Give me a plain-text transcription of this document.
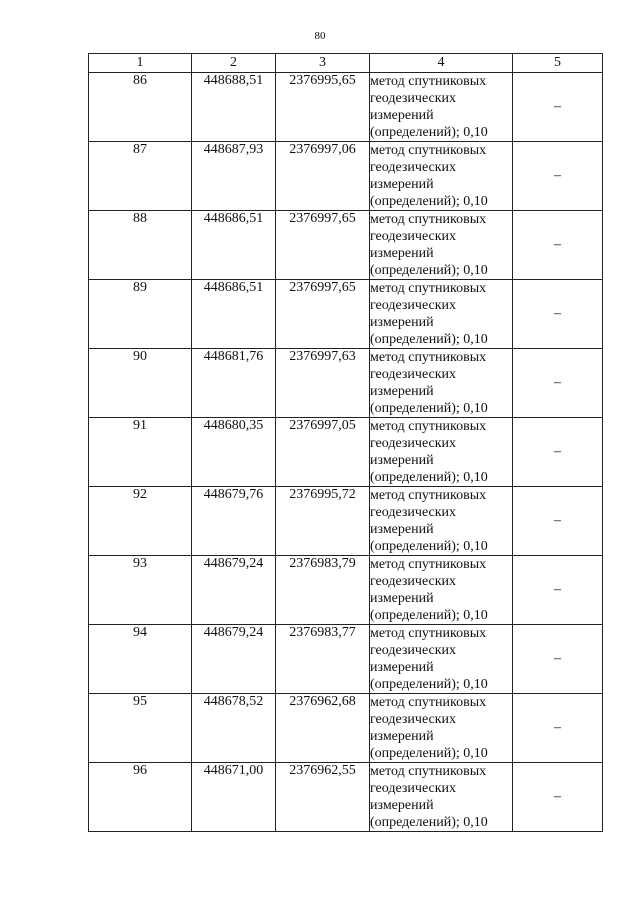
80
1	2	3	4	5
86	448688,51	2376995,65	метод спутниковых геодезических измерений (определений); 0,10	–
87	448687,93	2376997,06	метод спутниковых геодезических измерений (определений); 0,10	–
88	448686,51	2376997,65	метод спутниковых геодезических измерений (определений); 0,10	–
89	448686,51	2376997,65	метод спутниковых геодезических измерений (определений); 0,10	–
90	448681,76	2376997,63	метод спутниковых геодезических измерений (определений); 0,10	–
91	448680,35	2376997,05	метод спутниковых геодезических измерений (определений); 0,10	–
92	448679,76	2376995,72	метод спутниковых геодезических измерений (определений); 0,10	–
93	448679,24	2376983,79	метод спутниковых геодезических измерений (определений); 0,10	–
94	448679,24	2376983,77	метод спутниковых геодезических измерений (определений); 0,10	–
95	448678,52	2376962,68	метод спутниковых геодезических измерений (определений); 0,10	–
96	448671,00	2376962,55	метод спутниковых геодезических измерений (определений); 0,10	–
